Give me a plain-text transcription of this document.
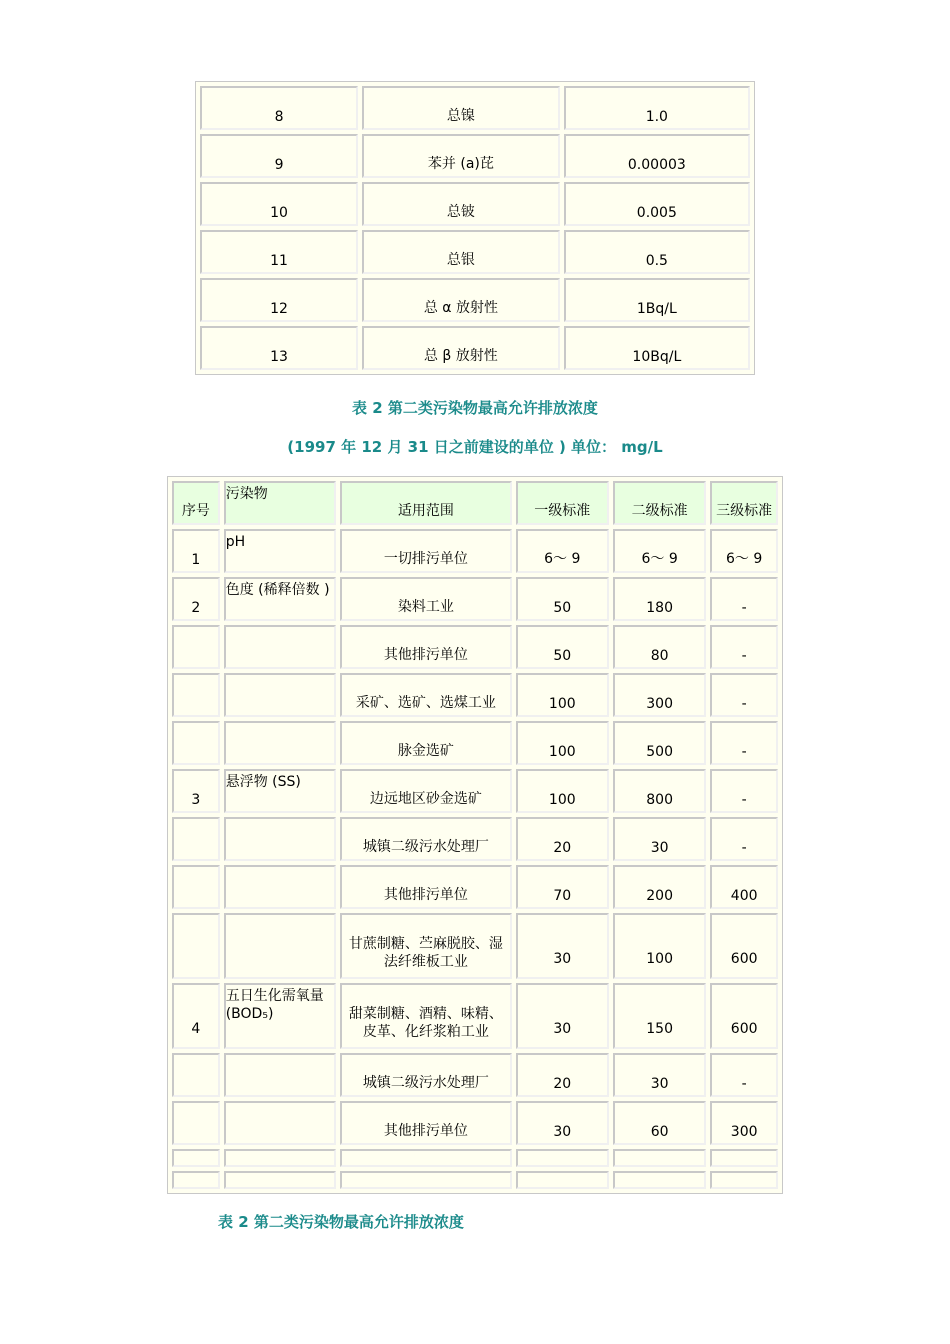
8	总镍	1.0
9	苯并 (a)芘	0.00003
10	总铍	0.005
11	总银	0.5
12	总 α 放射性	1Bq/L
13	总 β 放射性	10Bq/L
表 2 第二类污染物最高允许排放浓度
(1997 年 12 月 31 日之前建设的单位 ) 单位： mg/L
序号	污染物	适用范围	一级标准	二级标准	三级标准
1	pH	一切排污单位	6～ 9	6～ 9	6～ 9
2	色度 (稀释倍数 )	染料工业	50	180	-
		其他排污单位	50	80	-
		采矿、选矿、选煤工业	100	300	-
		脉金选矿	100	500	-
3	悬浮物 (SS)	边远地区砂金选矿	100	800	-
		城镇二级污水处理厂	20	30	-
		其他排污单位	70	200	400
		甘蔗制糖、苎麻脱胶、湿法纤维板工业	30	100	600
4	五日生化需氧量 (BOD₅)	甜菜制糖、酒精、味精、皮革、化纤浆粕工业	30	150	600
		城镇二级污水处理厂	20	30	-
		其他排污单位	30	60	300

表 2 第二类污染物最高允许排放浓度
